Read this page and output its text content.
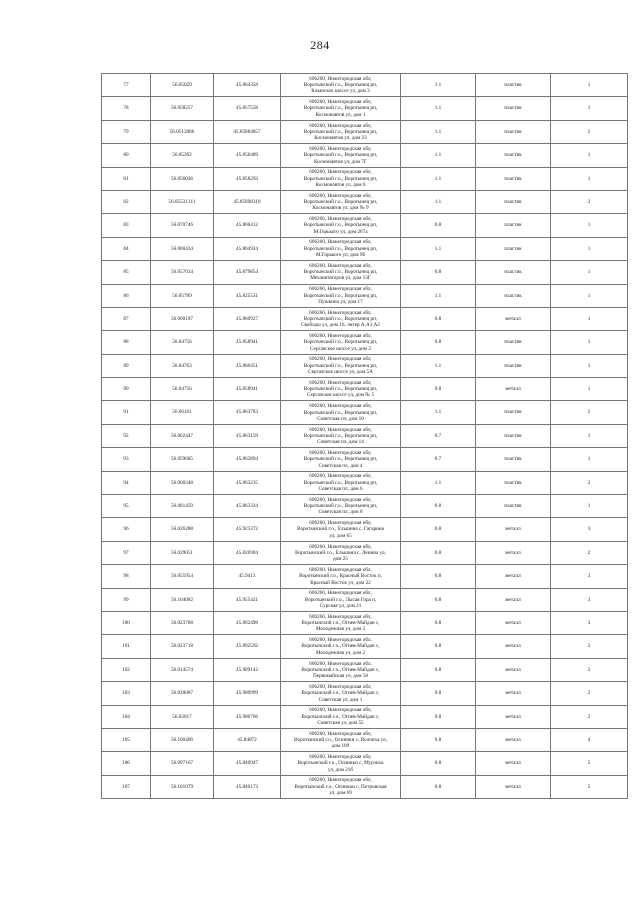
284
77	56.05029	45.864358	606260, Нижегородская обл,
Воротынский г.о., Воротынец рп,
Казанское шоссе ул, дом 3	1.1	пластик	1
78	56.058257	45.857558	606260, Нижегородская обл,
Воротынский г.о., Воротынец рп,
Космонавтов ул, дом 1	1.1	пластик	1
79	56.0512886	45.85884857	606260, Нижегородская обл,
Воротынский г.о., Воротынец рп,
Космонавтов ул, дом 23	1.1	пластик	2
80	56.05392	45.856489	606260, Нижегородская обл,
Воротынский г.о., Воротынец рп,
Космонавтов ул, дом 7Г	1.1	пластик	1
81	56.056036	45.858293	606260, Нижегородская обл,
Воротынский г.о., Воротынец рп,
Космонавтов ул, дом 6	1.1	пластик	1
82	56.05531311	45.85698318	606260, Нижегородская обл,
Воротынский г.о., Воротынец рп,
Космонавтов ул, дом № 9	1.1	пластик	2
83	56.070746	45.866412	606260, Нижегородская обл,
Воротынский г.о., Воротынец рп,
М.Горького ул, дом 267а	0.8	пластик	1
84	56.060434	45.864924	606260, Нижегородская обл,
Воротынский г.о., Воротынец рп,
М.Горького ул, дом 9б	1.1	пластик	1
85	56.057634	45.879854	606260, Нижегородская обл,
Воротынский г.о., Воротынец рп,
Механизаторов ул, дом 13Г	0.8	пластик	1
86	56.05789	45.825531	606260, Нижегородская обл,
Воротынский г.о., Воротынец рп,
Пушкина ул, дом 17	1.1	пластик	1
87	56.060187	45.860927	606260, Нижегородская обл,
Воротынский г.о., Воротынец рп,
Свободы ул, дом 16, литер А,А1,А2	0.8	металл	1
88	56.04756	45.858941	606260, Нижегородская обл,
Воротынский г.о., Воротынец рп,
Сергачское шоссе ул, дом 2	0.8	пластик	1
89	56.04763	45.860451	606260, Нижегородская обл,
Воротынский г.о., Воротынец рп,
Сергачское шоссе ул, дом 5А	1.1	пластик	1
90	56.04756	45.858941	606260, Нижегородская обл,
Воротынский г.о., Воротынец рп,
Сергачское шоссе ул, дом № 5	0.8	металл	1
91	56.06161	45.863783	606260, Нижегородская обл,
Воротынский г.о., Воротынец рп,
Советская пл, дом 10	1.1	пластик	2
92	56.062447	45.863159	606260, Нижегородская обл,
Воротынский г.о., Воротынец рп,
Советская пл, дом 14	0.7	пластик	1
93	56.059685	45.862894	606260, Нижегородская обл,
Воротынский г.о., Воротынец рп,
Советская пл, дом 4	0.7	пластик	1
94	56.060348	45.863235	606260, Нижегородская обл,
Воротынский г.о., Воротынец рп,
Советская пл, дом 6	1.1	пластик	2
95	56.061459	45.863334	606260, Нижегородская обл,
Воротынский г.о., Воротынец рп,
Советская пл, дом 8	0.8	пластик	1
96	56.026288	45.923372	606260, Нижегородская обл,
Воротынский г.о., Ельшина с, Гагарина
ул, дом 65	0.8	металл	3
97	56.029051	45.826904	606260, Нижегородская обл,
Воротынский г.о., Ельшина с, Ленина ул,
дом 25	0.8	металл	2
98	56.055954	45.9413	606260, Нижегородская обл,
Воротынский г.о., Красный Восток п,
Красный Восток ул, дом 22	0.8	металл	2
99	56.104082	45.955421	606260, Нижегородская обл,
Воротынский г.о., Лысая Гора п,
Сурская ул, дом 21	0.8	металл	3
100	56.023708	45.892498	606260, Нижегородская обл,
Воротынский г.о., Огнев-Майдан с,
Молодежная ул, дом 2	0.8	металл	3
101	56.023718	45.892592	606260, Нижегородская обл,
Воротынский г.о., Огнев-Майдан с,
Молодежная ул, дом 2	0.8	металл	2
102	56.014574	45.909142	606260, Нижегородская обл,
Воротынский г.о., Огнев-Майдан с,
Первомайская ул, дом 58	0.8	металл	2
103	56.020087	45.900999	606260, Нижегородская обл,
Воротынский г.о., Огнев-Майдан с,
Советская ул, дом 1	0.8	металл	2
104	56.02017	45.900766	606260, Нижегородская обл,
Воротынский г.о., Огнев-Майдан с,
Советская ул, дом 55	0.8	металл	2
105	56.100466	45.84872	606260, Нижегородская обл,
Воротынский г.о., Осиники с, Волчиха ул,
дом 109	0.8	металл	4
106	56.097167	45.840947	606260, Нижегородская обл,
Воротынский г.о., Осиники с, Мурзиха
ул, дом 21б	0.8	металл	5
107	56.101079	45.840173	606260, Нижегородская обл,
Воротынский г.о., Осиники с, Петровская
ул, дом 69	0.8	металл	5
